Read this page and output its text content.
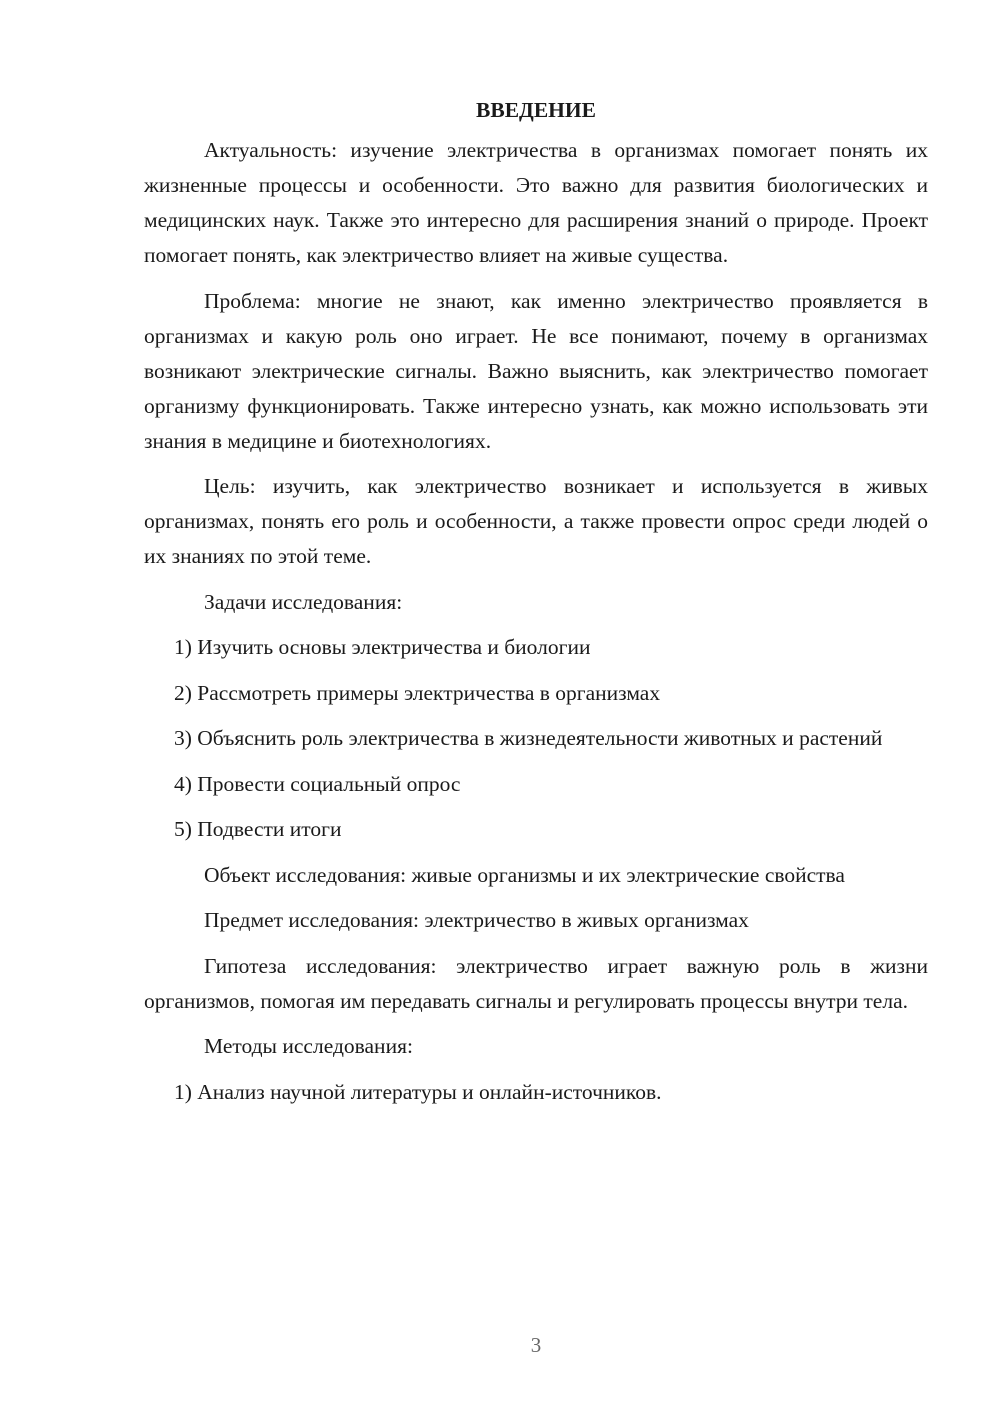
ВВЕДЕНИЕ

Актуальность: изучение электричества в организмах помогает понять их жизненные процессы и особенности. Это важно для развития биологических и медицинских наук. Также это интересно для расширения знаний о природе. Проект помогает понять, как электричество влияет на живые существа.

Проблема: многие не знают, как именно электричество проявляется в организмах и какую роль оно играет. Не все понимают, почему в организмах возникают электрические сигналы. Важно выяснить, как электричество помогает организму функционировать. Также интересно узнать, как можно использовать эти знания в медицине и биотехнологиях.

Цель: изучить, как электричество возникает и используется в живых организмах, понять его роль и особенности, а также провести опрос среди людей о их знаниях по этой теме.

Задачи исследования:

1) Изучить основы электричества и биологии

2) Рассмотреть примеры электричества в организмах

3) Объяснить роль электричества в жизнедеятельности животных и растений

4) Провести социальный опрос

5) Подвести итоги

Объект исследования: живые организмы и их электрические свойства

Предмет исследования: электричество в живых организмах

Гипотеза исследования: электричество играет важную роль в жизни организмов, помогая им передавать сигналы и регулировать процессы внутри тела.

Методы исследования:

1) Анализ научной литературы и онлайн-источников.

3
